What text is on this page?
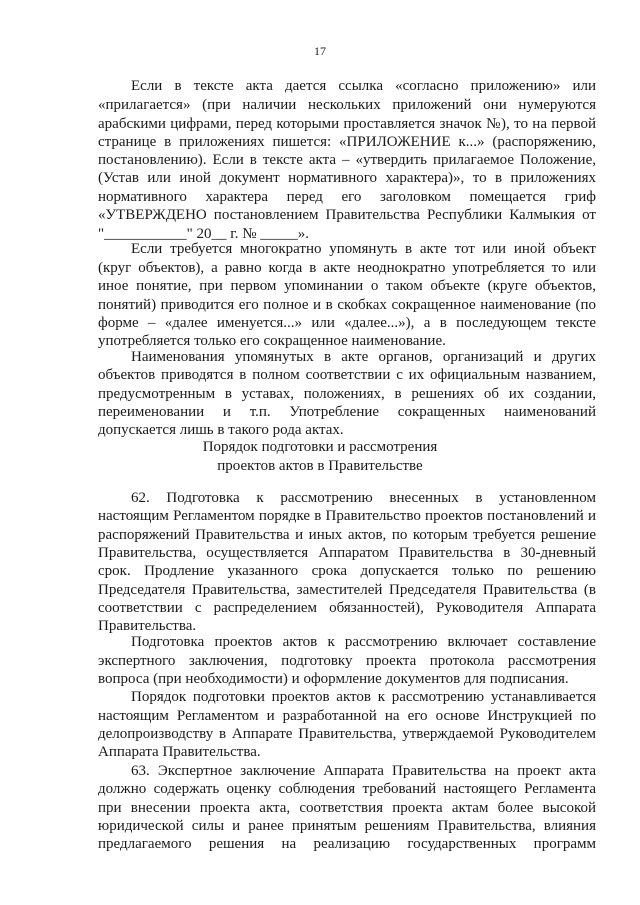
17
Порядок подготовки и рассмотрения
проектов актов в Правительстве
Если в тексте акта дается ссылка «согласно приложению» или
«прилагается» (при наличии нескольких приложений они нумеруются
арабскими цифрами, перед которыми проставляется значок №), то на первой
странице в приложениях пишется: «ПРИЛОЖЕНИЕ к...» (распоряжению,
постановлению). Если в тексте акта – «утвердить прилагаемое Положение,
(Устав или иной документ нормативного характера)», то в приложениях
нормативного характера перед его заголовком помещается гриф
«УТВЕРЖДЕНО постановлением Правительства Республики Калмыкия от
"___________" 20__ г. № _____».
Если требуется многократно упомянуть в акте тот или иной объект
(круг объектов), а равно когда в акте неоднократно употребляется то или
иное понятие, при первом упоминании о таком объекте (круге объектов,
понятий) приводится его полное и в скобках сокращенное наименование (по
форме – «далее именуется...» или «далее...»), а в последующем тексте
употребляется только его сокращенное наименование.
Наименования упомянутых в акте органов, организаций и других
объектов приводятся в полном соответствии с их официальным названием,
предусмотренным в уставах, положениях, в решениях об их создании,
переименовании и т.п. Употребление сокращенных наименований
допускается лишь в такого рода актах.
62. Подготовка к рассмотрению внесенных в установленном
настоящим Регламентом порядке в Правительство проектов постановлений и
распоряжений Правительства и иных актов, по которым требуется решение
Правительства, осуществляется Аппаратом Правительства в 30-дневный
срок. Продление указанного срока допускается только по решению
Председателя Правительства, заместителей Председателя Правительства (в
соответствии с распределением обязанностей), Руководителя Аппарата
Правительства.
Подготовка проектов актов к рассмотрению включает составление
экспертного заключения, подготовку проекта протокола рассмотрения
вопроса (при необходимости) и оформление документов для подписания.
Порядок подготовки проектов актов к рассмотрению устанавливается
настоящим Регламентом и разработанной на его основе Инструкцией по
делопроизводству в Аппарате Правительства, утверждаемой Руководителем
Аппарата Правительства.
63. Экспертное заключение Аппарата Правительства на проект акта
должно содержать оценку соблюдения требований настоящего Регламента
при внесении проекта акта, соответствия проекта актам более высокой
юридической силы и ранее принятым решениям Правительства, влияния
предлагаемого решения на реализацию государственных программ
